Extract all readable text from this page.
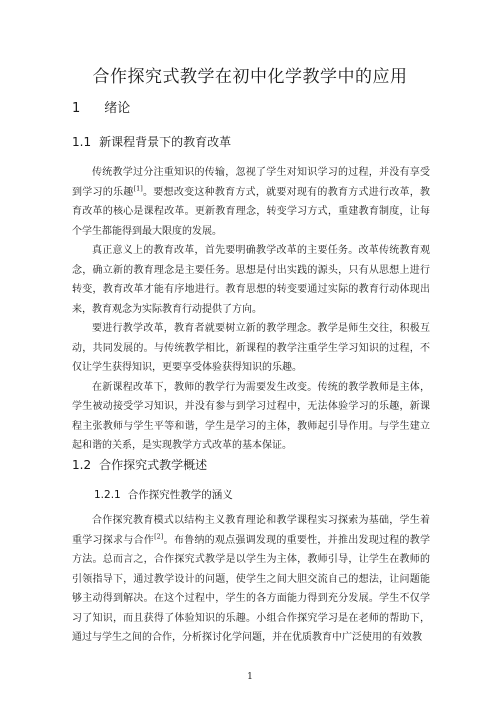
合作探究式教学在初中化学教学中的应用
1 绪论
1.1 新课程背景下的教育改革

传统教学过分注重知识的传输，忽视了学生对知识学习的过程，并没有享受到学习的乐趣[1]。要想改变这种教育方式，就要对现有的教育方式进行改革，教育改革的核心是课程改革。更新教育理念，转变学习方式，重建教育制度，让每个学生都能得到最大限度的发展。

真正意义上的教育改革，首先要明确教学改革的主要任务。改革传统教育观念，确立新的教育理念是主要任务。思想是付出实践的源头，只有从思想上进行转变，教育改革才能有序地进行。教育思想的转变要通过实际的教育行动体现出来，教育观念为实际教育行动提供了方向。

要进行教学改革，教育者就要树立新的教学理念。教学是师生交往，积极互动，共同发展的。与传统教学相比，新课程的教学注重学生学习知识的过程，不仅让学生获得知识，更要享受体验获得知识的乐趣。

在新课程改革下，教师的教学行为需要发生改变。传统的教学教师是主体，学生被动接受学习知识，并没有参与到学习过程中，无法体验学习的乐趣，新课程主张教师与学生平等和谐，学生是学习的主体，教师起引导作用。与学生建立起和谐的关系，是实现教学方式改革的基本保证。

1.2 合作探究式教学概述
1.2.1 合作探究性教学的涵义

合作探究教育模式以结构主义教育理论和教学课程实习探索为基础，学生着重学习探求与合作[2]。布鲁纳的观点强调发现的重要性，并推出发现过程的教学方法。总而言之，合作探究式教学是以学生为主体，教师引导，让学生在教师的引领指导下，通过教学设计的问题，使学生之间大胆交流自己的想法，让问题能够主动得到解决。在这个过程中，学生的各方面能力得到充分发展。学生不仅学习了知识，而且获得了体验知识的乐趣。小组合作探究学习是在老师的帮助下，通过与学生之间的合作，分析探讨化学问题，并在优质教育中广泛使用的有效教

1
